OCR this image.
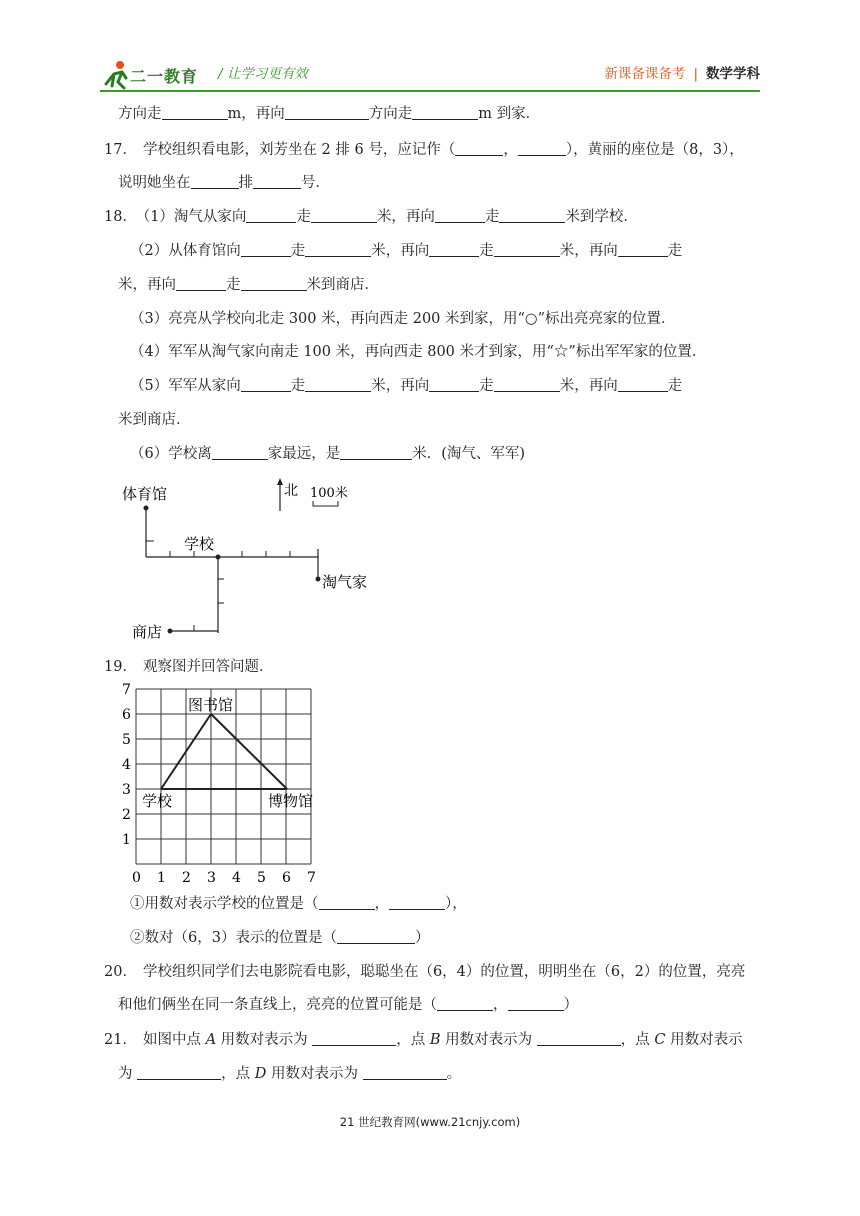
二一教育 / 让学习更有效	新课备课备考 | 数学学科
方向走	m，再向	方向走	m 到家．
17． 学校组织看电影，刘芳坐在 2 排 6 号，应记作（	，	），黄丽的座位是（8，3），
说明她坐在	排	号．
18． （1）淘气从家向	走	米，再向	走	米到学校．
（2）从体育馆向	走	米，再向	走	米，再向	走
米，再向	走	米到商店．
（3）亮亮从学校向北走 300 米，再向西走 200 米到家，用“○”标出亮亮家的位置．
（4）军军从淘气家向南走 100 米，再向西走 800 米才到家，用“☆”标出军军家的位置．
（5）军军从家向	走	米，再向	走	米，再向	走
米到商店．
（6）学校离	家最远，是	米．(淘气、军军)
体育馆
学校
淘气家
商店
北 100米
19． 观察图并回答问题．
1
2
3
4
5
6
7
0 1 2 3 4 5 6 7
图书馆
学校	博物馆
①用数对表示学校的位置是（	，	），
②数对（6，3）表示的位置是（	）
20． 学校组织同学们去电影院看电影，聪聪坐在（6，4）的位置，明明坐在（6，2）的位置，亮亮
和他们俩坐在同一条直线上，亮亮的位置可能是（	，	）
21． 如图中点 A 用数对表示为	，点 B 用数对表示为	，点 C 用数对表示
为	，点 D 用数对表示为	。
21 世纪教育网(www.21cnjy.com)
